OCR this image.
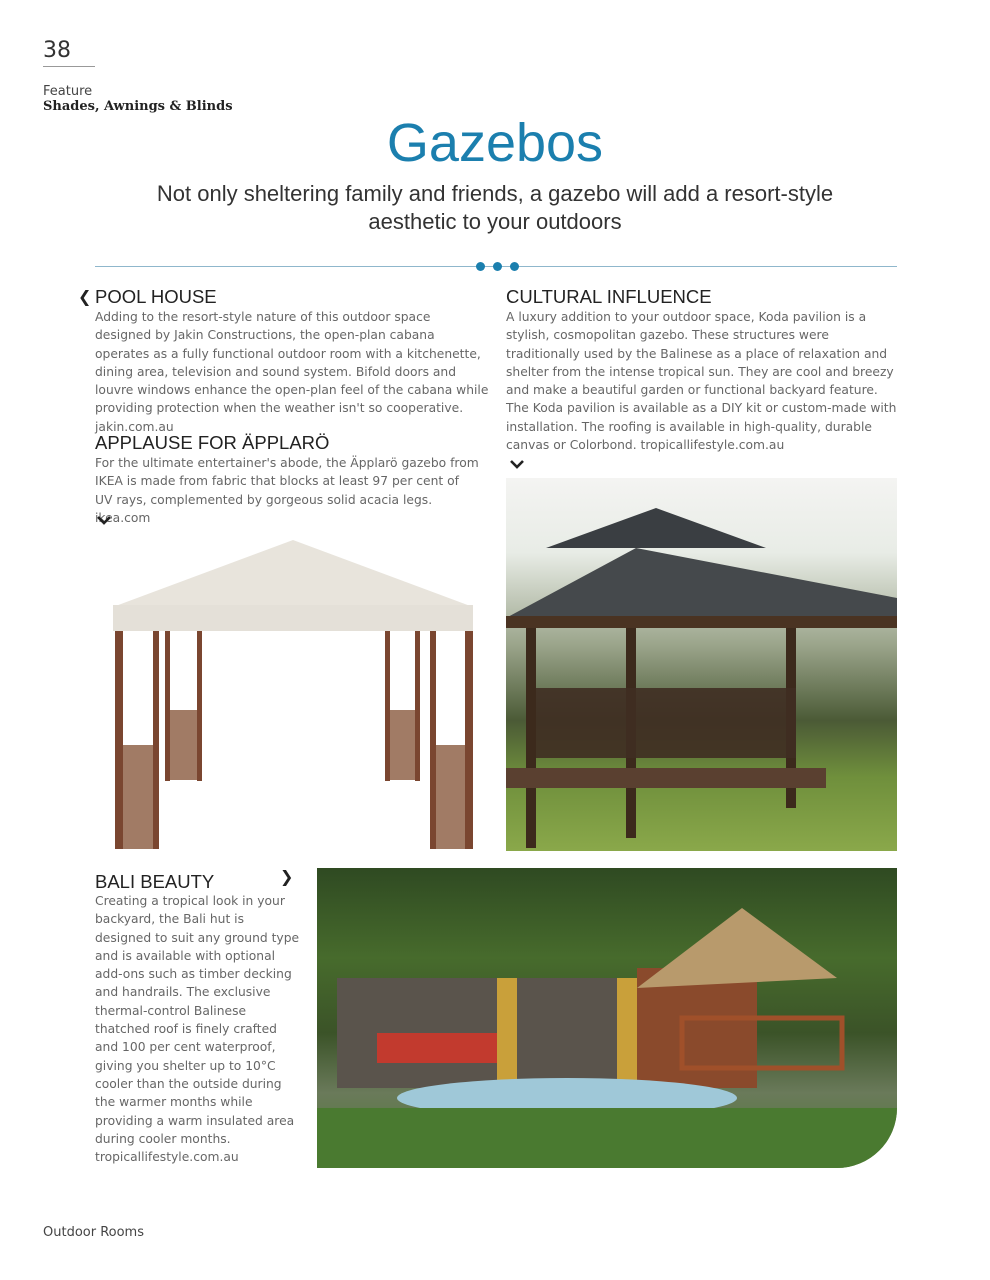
38
Feature
Shades, Awnings & Blinds
Gazebos
Not only sheltering family and friends, a gazebo will add a resort-style aesthetic to your outdoors
❮ POOL HOUSE
Adding to the resort-style nature of this outdoor space designed by Jakin Constructions, the open-plan cabana operates as a fully functional outdoor room with a kitchenette, dining area, television and sound system. Bifold doors and louvre windows enhance the open-plan feel of the cabana while providing protection when the weather isn't so cooperative. jakin.com.au
APPLAUSE FOR ÄPPLARÖ
For the ultimate entertainer's abode, the Äpplarö gazebo from IKEA is made from fabric that blocks at least 97 per cent of UV rays, complemented by gorgeous solid acacia legs. ikea.com
CULTURAL INFLUENCE
A luxury addition to your outdoor space, Koda pavilion is a stylish, cosmopolitan gazebo. These structures were traditionally used by the Balinese as a place of relaxation and shelter from the intense tropical sun. They are cool and breezy and make a beautiful garden or functional backyard feature. The Koda pavilion is available as a DIY kit or custom-made with installation. The roofing is available in high-quality, durable canvas or Colorbond. tropicallifestyle.com.au
BALI BEAUTY	❯
Creating a tropical look in your backyard, the Bali hut is designed to suit any ground type and is available with optional add-ons such as timber decking and handrails. The exclusive thermal-control Balinese thatched roof is finely crafted and 100 per cent waterproof, giving you shelter up to 10°C cooler than the outside during the warmer months while providing a warm insulated area during cooler months. tropicallifestyle.com.au
Outdoor Rooms
